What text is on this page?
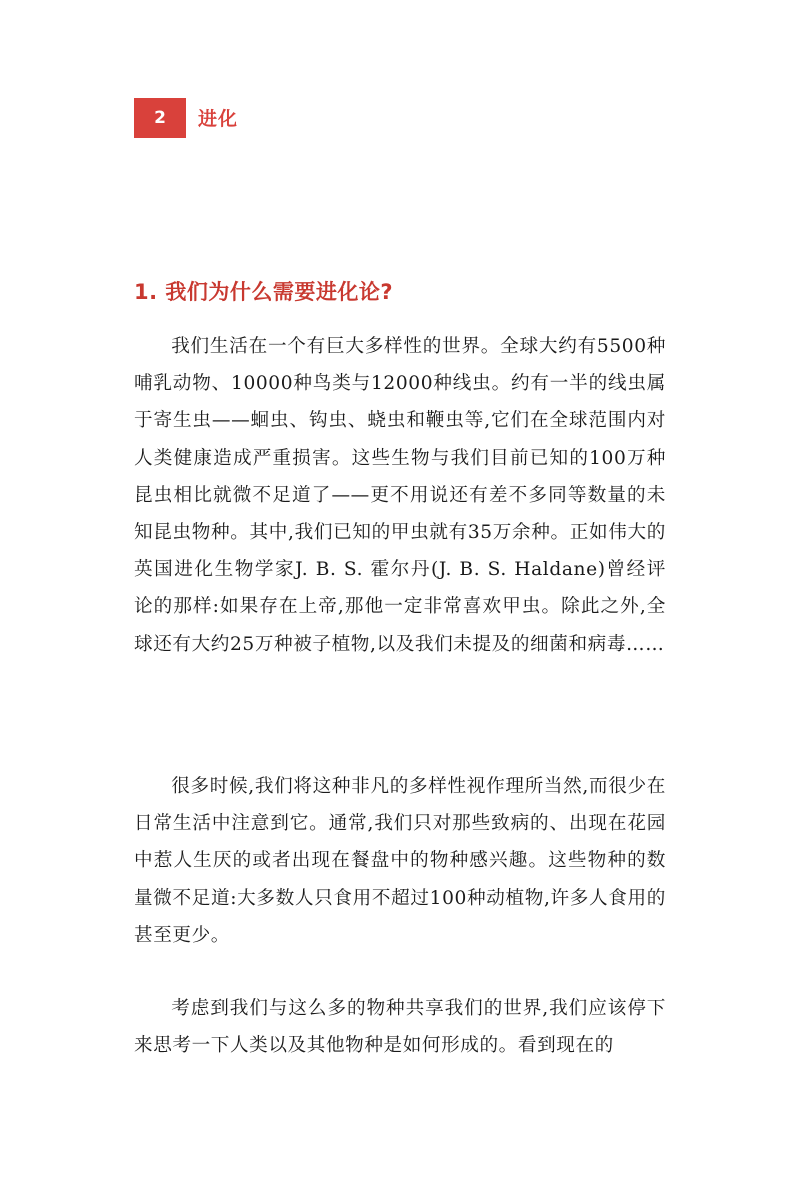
2 进化
1. 我们为什么需要进化论?

我们生活在一个有巨大多样性的世界。全球大约有5500种哺乳动物、10000种鸟类与12000种线虫。约有一半的线虫属于寄生虫——蛔虫、钩虫、蛲虫和鞭虫等,它们在全球范围内对人类健康造成严重损害。这些生物与我们目前已知的100万种昆虫相比就微不足道了——更不用说还有差不多同等数量的未知昆虫物种。其中,我们已知的甲虫就有35万余种。正如伟大的英国进化生物学家J. B. S. 霍尔丹(J. B. S. Haldane)曾经评论的那样:如果存在上帝,那他一定非常喜欢甲虫。除此之外,全球还有大约25万种被子植物,以及我们未提及的细菌和病毒……

很多时候,我们将这种非凡的多样性视作理所当然,而很少在日常生活中注意到它。通常,我们只对那些致病的、出现在花园中惹人生厌的或者出现在餐盘中的物种感兴趣。这些物种的数量微不足道:大多数人只食用不超过100种动植物,许多人食用的甚至更少。

考虑到我们与这么多的物种共享我们的世界,我们应该停下来思考一下人类以及其他物种是如何形成的。看到现在的
